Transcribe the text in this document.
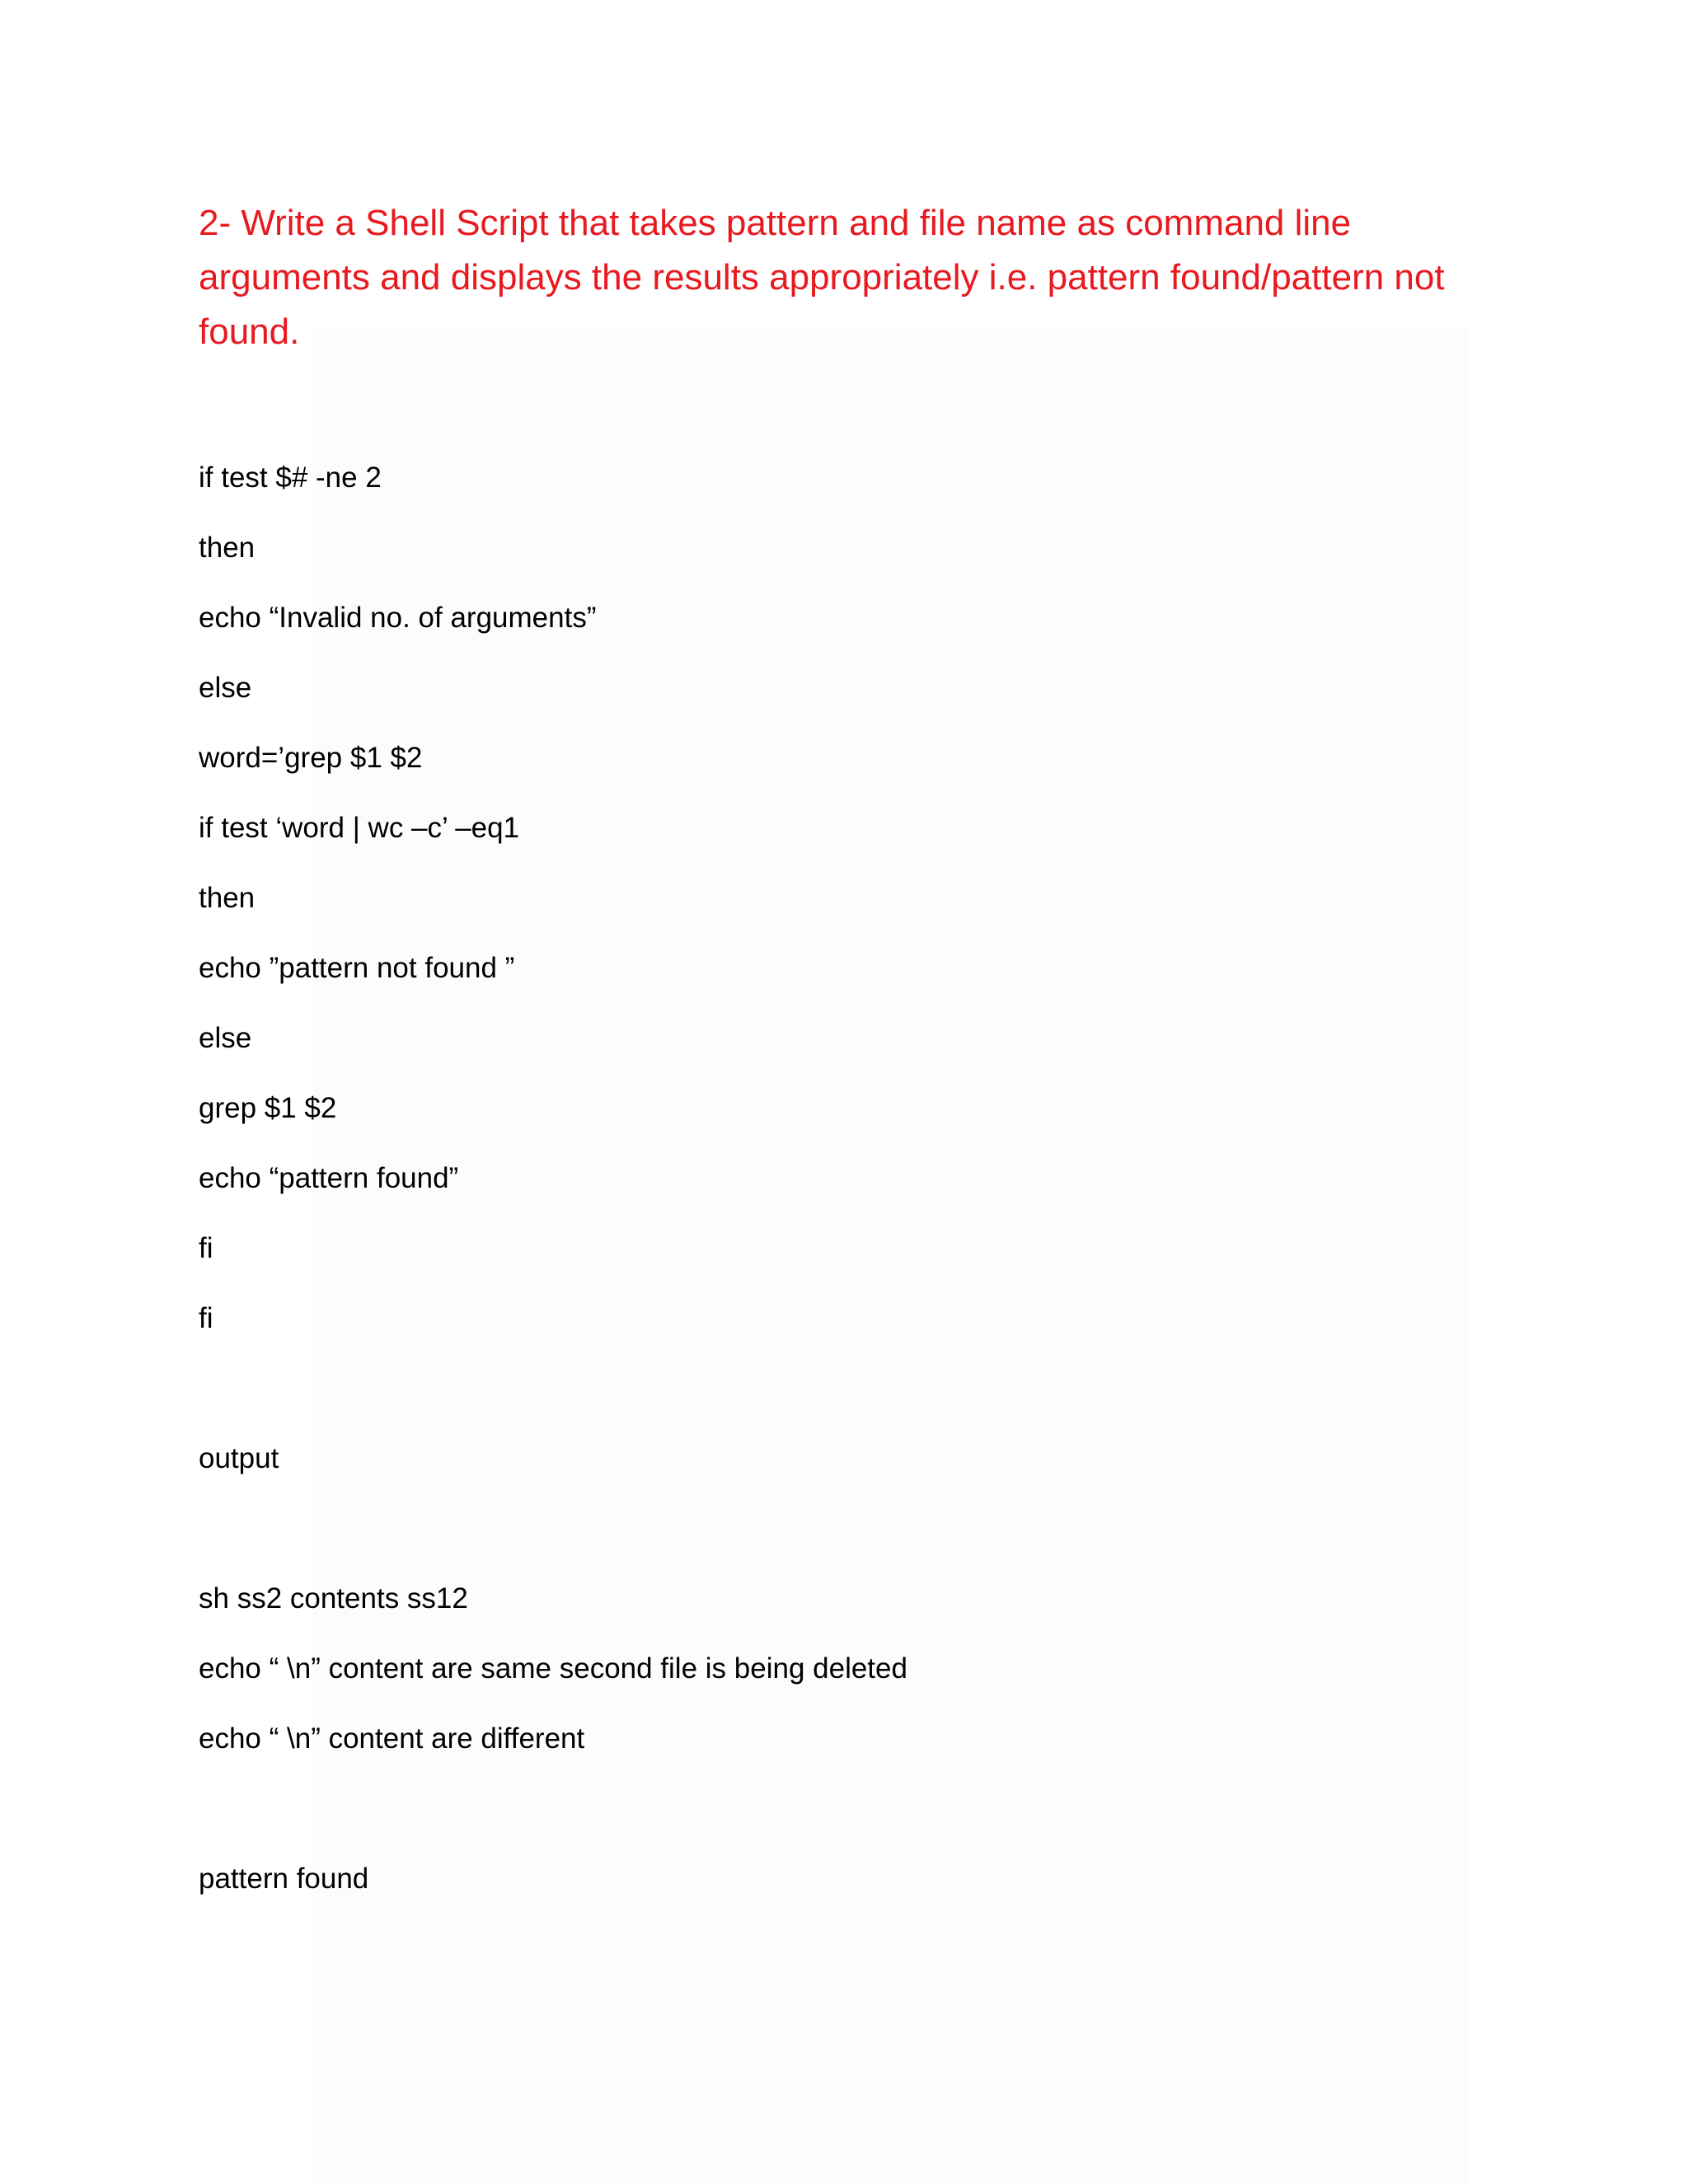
2- Write a Shell Script that takes pattern and file name as command line arguments and displays the results appropriately i.e. pattern found/pattern not found.

if test $# -ne 2

then

echo “Invalid no. of arguments”

else

word=’grep $1 $2

if test ‘word | wc –c’ –eq1

then

echo ”pattern not found ”

else

grep $1 $2

echo “pattern found”

fi

fi

output

sh ss2 contents ss12

echo “ \n” content are same second file is being deleted

echo “ \n” content are different

pattern found
